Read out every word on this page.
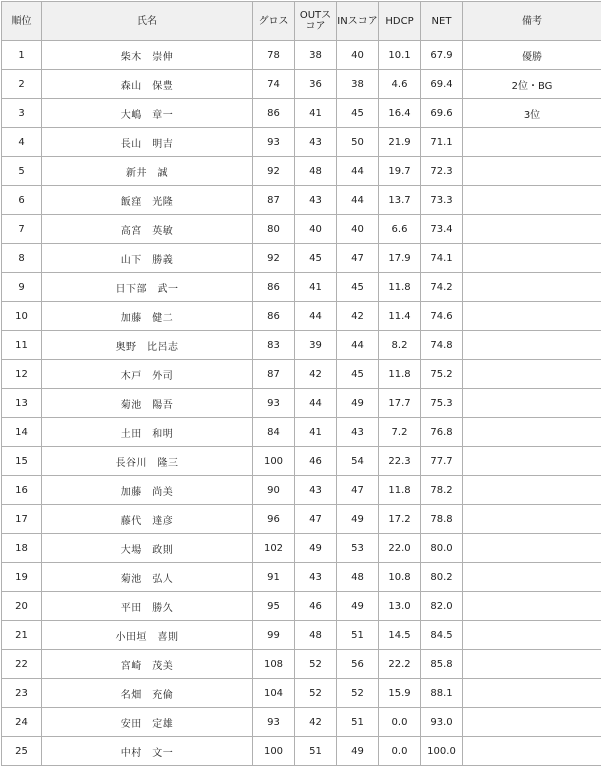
順位	氏名	グロス	OUTスコア	INスコア	HDCP	NET	備考
1	柴木　崇伸	78	38	40	10.1	67.9	優勝
2	森山　保豊	74	36	38	4.6	69.4	2位・BG
3	大嶋　章一	86	41	45	16.4	69.6	3位
4	長山　明吉	93	43	50	21.9	71.1	
5	新井　誠	92	48	44	19.7	72.3	
6	飯窪　光隆	87	43	44	13.7	73.3	
7	高宮　英敏	80	40	40	6.6	73.4	
8	山下　勝義	92	45	47	17.9	74.1	
9	日下部　武一	86	41	45	11.8	74.2	
10	加藤　健二	86	44	42	11.4	74.6	
11	奥野　比呂志	83	39	44	8.2	74.8	
12	木戸　外司	87	42	45	11.8	75.2	
13	菊池　陽吾	93	44	49	17.7	75.3	
14	土田　和明	84	41	43	7.2	76.8	
15	長谷川　隆三	100	46	54	22.3	77.7	
16	加藤　尚美	90	43	47	11.8	78.2	
17	藤代　達彦	96	47	49	17.2	78.8	
18	大場　政則	102	49	53	22.0	80.0	
19	菊池　弘人	91	43	48	10.8	80.2	
20	平田　勝久	95	46	49	13.0	82.0	
21	小田垣　喜則	99	48	51	14.5	84.5	
22	宮崎　茂美	108	52	56	22.2	85.8	
23	名畑　充倫	104	52	52	15.9	88.1	
24	安田　定雄	93	42	51	0.0	93.0	
25	中村　文一	100	51	49	0.0	100.0	
